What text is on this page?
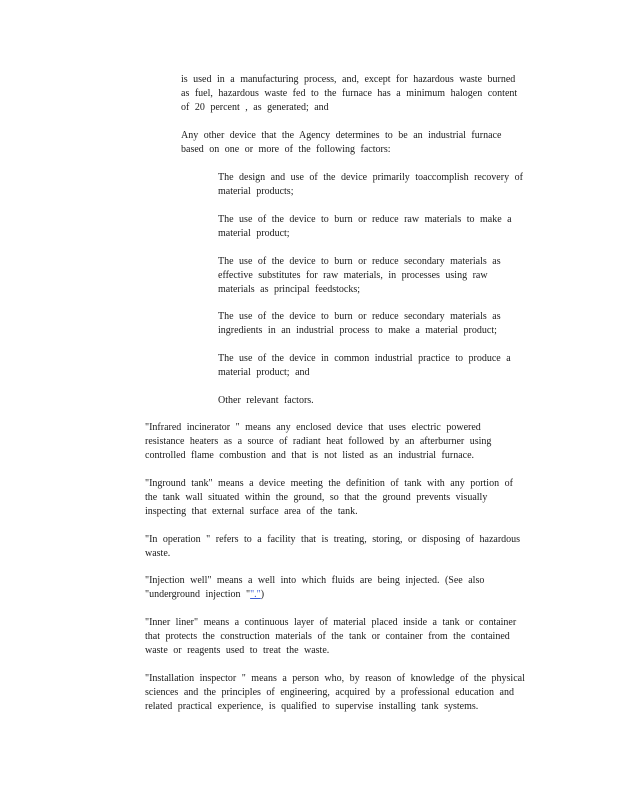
is used in a manufacturing process, and, except for hazardous waste burned
as fuel, hazardous waste fed to the furnace has a minimum halogen content
of 20 percent , as generated; and
Any other device that the Agency determines to be an industrial furnace
based on one or more of the following factors:
The design and use of the device primarily toaccomplish recovery of
material products;
The use of the device to burn or reduce raw materials to make a
material product;
The use of the device to burn or reduce secondary materials as
effective substitutes for raw materials, in processes using raw
materials as principal feedstocks;
The use of the device to burn or reduce secondary materials as
ingredients in an industrial process to make a material product;
The use of the device in common industrial practice to produce a
material product; and
Other relevant factors.
"Infrared incinerator " means any enclosed device that uses electric powered
resistance heaters as a source of radiant heat followed by an afterburner using
controlled flame combustion and that is not listed as an industrial furnace.
"Inground tank" means a device meeting the definition of tank with any portion of
the tank wall situated within the ground, so that the ground prevents visually
inspecting that external surface area of the tank.
"In operation " refers to a facility that is treating, storing, or disposing of hazardous
waste.
"Injection well" means a well into which fluids are being injected. (See also
"underground injection "".")
"Inner liner" means a continuous layer of material placed inside a tank or container
that protects the construction materials of the tank or container from the contained
waste or reagents used to treat the waste.
"Installation inspector " means a person who, by reason of knowledge of the physical
sciences and the principles of engineering, acquired by a professional education and
related practical experience, is qualified to supervise installing tank systems.
